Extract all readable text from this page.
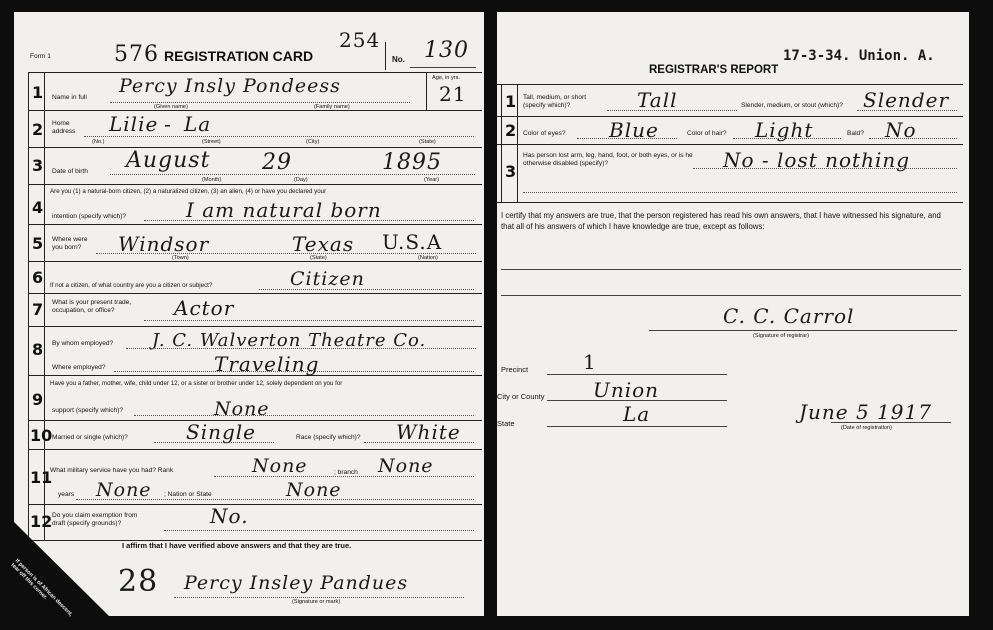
Form 1	576 REGISTRATION CARD
254
No. 130
1 Name in full
Percy Insly Pondeess
(Given name)	(Family name)
Age, in yrs.
21
2 Home address	Lilie - La
(No.)	(Street)	(City)	(State)
3 Date of birth August 29	1895
(Month)	(Day)	(Year)
4
Are you (1) a natural-born citizen, (2) a naturalized citizen, (3) an alien, (4) or have you declared your
intention (specify which)?	I am natural born
5 Where were you born?	Windsor	Texas U.S.A
(Town)	(State)	(Nation)
6 If not a citizen, of what country are you a citizen or subject?	Citizen
7 What is your present trade, occupation, or office?	Actor
8 By whom employed? J. C. Walverton Theatre Co.
Where employed?	Traveling
9
Have you a father, mother, wife, child under 12, or a sister or brother under 12, solely dependent on you for
support (specify which)?	None
10 Married or single (which)?	Single	Race (specify which)? White
11
What military service have you had? Rank	None	; branch None
years None ; Nation or State	None
12 Do you claim exemption from draft (specify grounds)?	No.
I affirm that I have verified above answers and that they are true.
28 Percy Insley Pandues
(Signature or mark)
If person is of African descent, tear off this corner.
17-3-34. Union. A.
REGISTRAR'S REPORT
1 Tall, medium, or short (specify which)?	Tall	Slender, medium, or stout (which)? Slender
2 Color of eyes? Blue	Color of hair? Light	Bald? No
3
Has person lost arm, leg, hand, foot, or both eyes, or is he otherwise disabled (specify)?	No - lost nothing
I certify that my answers are true, that the person registered has read his own answers, that I have witnessed his signature, and that all of his answers of which I have knowledge are true, except as follows:
C. C. Carrol
(Signature of registrar)
Precinct	1
City or County Union
State	La	June 5 1917
(Date of registration)
